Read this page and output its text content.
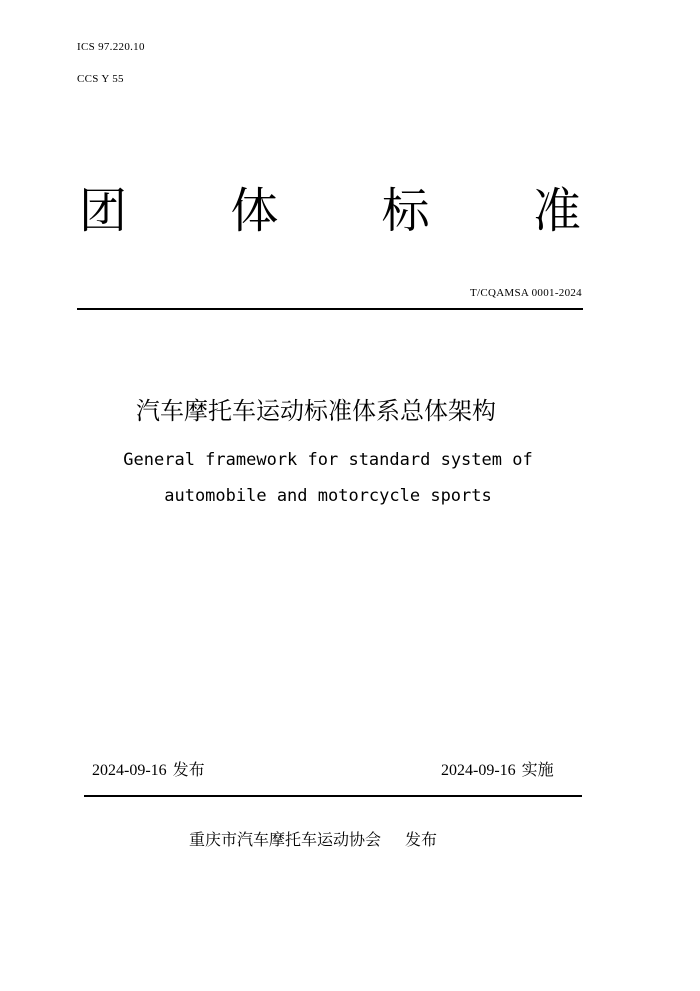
ICS 97.220.10
CCS Y 55
团 体 标 准
T/CQAMSA 0001-2024
汽车摩托车运动标准体系总体架构
General framework for standard system of
automobile and motorcycle sports
2024-09-16 发布	2024-09-16 实施
重庆市汽车摩托车运动协会 发布
